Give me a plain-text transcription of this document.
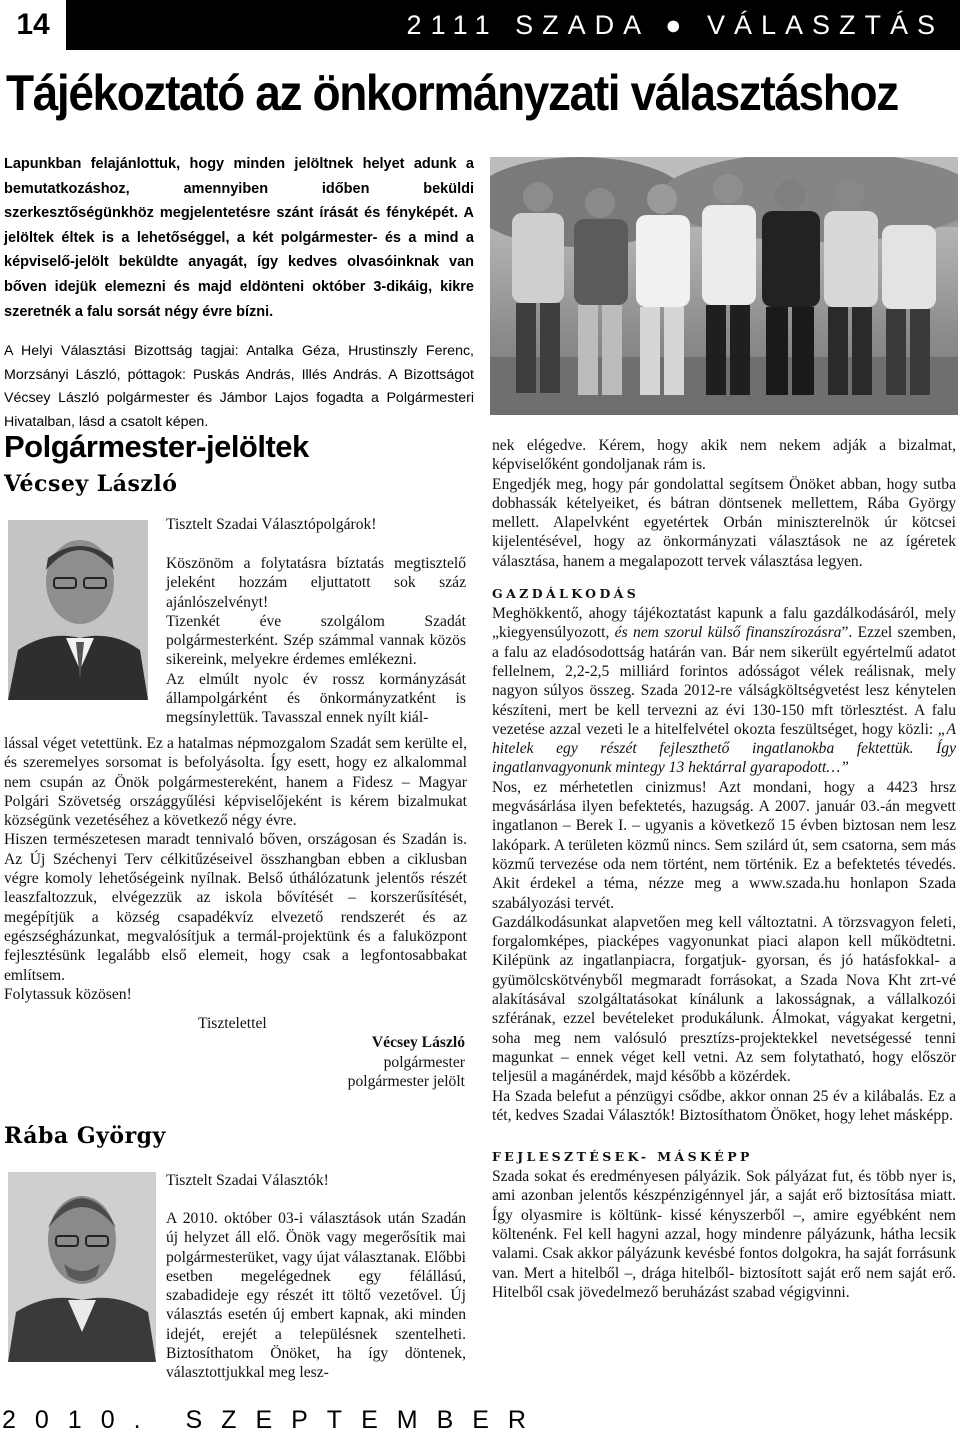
14	2111 SZADA ● VÁLASZTÁS
Tájékoztató az önkormányzati választáshoz
Lapunkban felajánlottuk, hogy minden jelöltnek helyet adunk a bemutatkozáshoz, amennyiben időben beküldi szerkesztőségünkhöz megjelentetésre szánt írását és fényképét. A jelöltek éltek is a lehetőséggel, a két polgármester- és a mind a képviselő-jelölt beküldte anyagát, így kedves olvasóinknak van bőven idejük elemezni és majd eldönteni október 3-dikáig, kikre szeretnék a falu sorsát négy évre bízni.
A Helyi Választási Bizottság tagjai: Antalka Géza, Hrustinszly Ferenc, Morzsányi László, póttagok: Puskás András, Illés András. A Bizottságot Vécsey László polgármester és Jámbor Lajos fogadta a Polgármesteri Hivatalban, lásd a csatolt képen.
Polgármester-jelöltek
Vécsey László
Tisztelt Szadai Választópolgárok!
Köszönöm a folytatásra bíztatás megtisztelő jeleként hozzám eljuttatott sok száz ajánlószelvényt!
Tizenkét éve szolgálom Szadát polgármesterként. Szép számmal vannak közös sikereink, melyekre érdemes emlékezni.
Az elmúlt nyolc év rossz kormányzását állampolgárként és önkormányzatként is megsínylettük. Tavasszal ennek nyílt kiál-
lással véget vetettünk. Ez a hatalmas népmozgalom Szadát sem kerülte el, és szeremelyes sorsomat is befolyásolta. Így esett, hogy ez alkalommal nem csupán az Önök polgármestereként, hanem a Fidesz – Magyar Polgári Szövetség országgyűlési képviselőjeként is kérem bizalmukat községünk vezetéséhez a következő négy évre.
Hiszen természetesen maradt tennivaló bőven, országosan és Szadán is. Az Új Széchenyi Terv célkitűzéseivel összhangban ebben a ciklusban végre komoly lehetőségeink nyílnak. Belső úthálózatunk jelentős részét leaszfaltozzuk, elvégezzük az iskola bővítését – korszerűsítését, megépítjük a község csapadékvíz elvezető rendszerét és az egészségházunkat, megvalósítjuk a termál-projektünk és a faluközpont fejlesztésünk legalább első elemeit, hogy csak a legfontosabbakat említsem.
Folytassuk közösen!
Tisztelettel
Vécsey László
polgármester
polgármester jelölt
Rába György
Tisztelt Szadai Választók!
A 2010. október 03-i választások után Szadán új helyzet áll elő. Önök vagy megerősítik mai polgármesterüket, vagy újat választanak. Előbbi esetben megelégednek egy félállású, szabadideje egy részét itt töltő vezetővel. Új választás esetén új embert kapnak, aki minden idejét, erejét a településnek szentelheti. Biztosíthatom Önöket, ha így döntenek, választottjukkal meg lesz-
nek elégedve. Kérem, hogy akik nem nekem adják a bizalmat, képviselőként gondoljanak rám is.
Engedjék meg, hogy pár gondolattal segítsem Önöket abban, hogy sutba dobhassák kételyeiket, és bátran döntsenek mellettem, Rába György mellett. Alapelvként egyetértek Orbán miniszterelnök úr kötcsei kijelentésével, hogy az önkormányzati választások ne az ígéretek választása, hanem a megalapozott tervek választása legyen.
GAZDÁLKODÁS
Meghökkentő, ahogy tájékoztatást kapunk a falu gazdálkodásáról, mely „kiegyensúlyozott, és nem szorul külső finanszírozásra”. Ezzel szemben, a falu az eladósodottság határán van. Bár nem sikerült egyértelmű adatot fellelnem, 2,2-2,5 milliárd forintos adósságot vélek reálisnak, mely nagyon súlyos összeg. Szada 2012-re válságköltségvetést lesz kénytelen készíteni, mert be kell tervezni az évi 130-150 mft törlesztést. A falu vezetése azzal vezeti le a hitelfelvétel okozta feszültséget, hogy közli: „A hitelek egy részét fejleszthető ingatlanokba fektettük. Így ingatlanvagyonunk mintegy 13 hektárral gyarapodott…”
Nos, ez mérhetetlen cinizmus! Azt mondani, hogy a 4423 hrsz megvásárlása ilyen befektetés, hazugság. A 2007. január 03.-án megvett ingatlanon – Berek I. – ugyanis a következő 15 évben biztosan nem lesz lakópark. A területen közmű nincs. Sem szilárd út, sem csatorna, sem más közmű tervezése oda nem történt, nem történik. Ez a befektetés tévedés. Akit érdekel a téma, nézze meg a www.szada.hu honlapon Szada szabályozási tervét.
Gazdálkodásunkat alapvetően meg kell változtatni. A törzsvagyon feleti, forgalomképes, piacképes vagyonunkat piaci alapon kell működtetni. Kilépünk az ingatlanpiacra, forgatjuk- gyorsan, és jó hatásfokkal- a gyümölcskötvényből megmaradt forrásokat, a Szada Nova Kht zrt-vé alakításával szolgáltatásokat kínálunk a lakosságnak, a vállalkozói szférának, ezzel bevételeket produkálunk. Álmokat, vágyakat kergetni, soha meg nem valósuló presztízs-projektekkel nevetségessé tenni magunkat – ennek véget kell vetni. Az sem folytatható, hogy először teljesül a magánérdek, majd később a közérdek.
Ha Szada belefut a pénzügyi csődbe, akkor onnan 25 év a kilábalás. Ez a tét, kedves Szadai Választók! Biztosíthatom Önöket, hogy lehet másképp.
FEJLESZTÉSEK- MÁSKÉPP
Szada sokat és eredményesen pályázik. Sok pályázat fut, és több nyer is, ami azonban jelentős készpénzigénnyel jár, a saját erő biztosítása miatt. Így olyasmire is költünk- kissé kényszerből –, amire egyébként nem költenénk. Fel kell hagyni azzal, hogy mindenre pályázunk, hátha lecsik valami. Csak akkor pályázunk kevésbé fontos dolgokra, ha saját forrásunk van. Mert a hitelből –, drága hitelből- biztosított saját erő nem saját erő. Hitelből csak jövedelmező beruházást szabad végigvinni.
2010. SZEPTEMBER
